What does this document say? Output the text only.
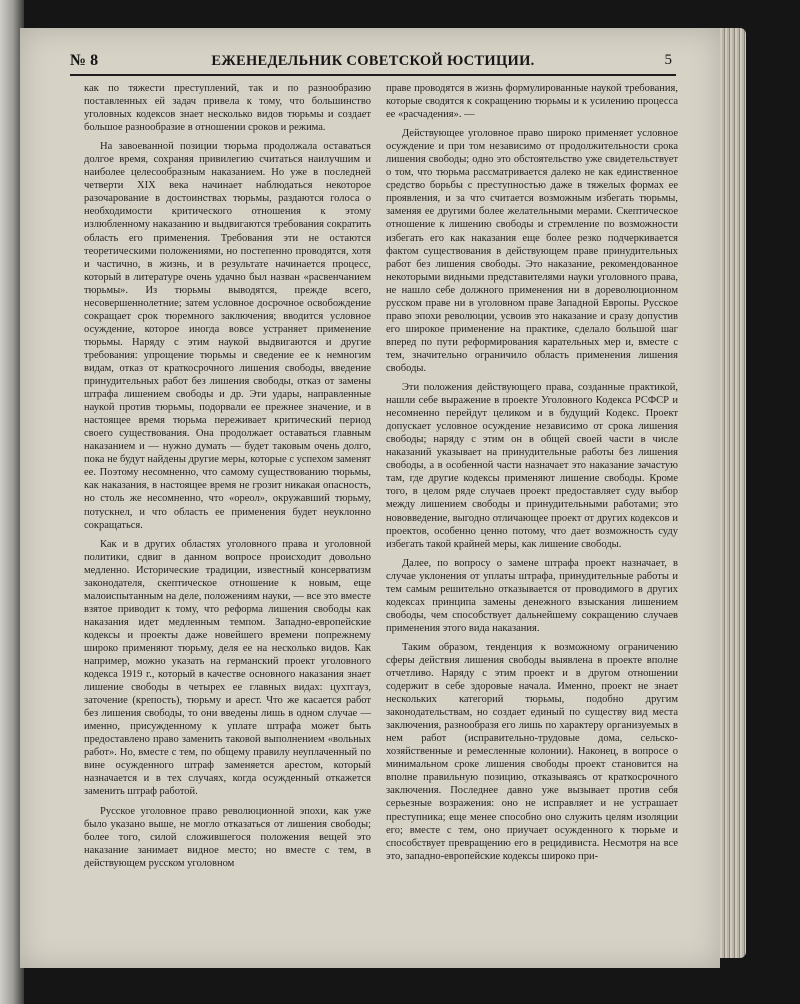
№ 8	ЕЖЕНЕДЕЛЬНИК СОВЕТСКОЙ ЮСТИЦИИ.	5

как по тяжести преступлений, так и по разнообразию поставленных ей задач привела к тому, что большинство уголовных кодексов знает несколько видов тюрьмы и создает большое разнообразие в отношении сроков и режима.

На завоеванной позиции тюрьма продолжала оставаться долгое время, сохраняя привилегию считаться наилучшим и наиболее целесообразным наказанием. Но уже в последней четверти XIX века начинает наблюдаться некоторое разочарование в достоинствах тюрьмы, раздаются голоса о необходимости критического отношения к этому излюбленному наказанию и выдвигаются требования сократить область его применения. Требования эти не остаются теоретическими положениями, но постепенно проводятся, хотя и частично, в жизнь, и в результате начинается процесс, который в литературе очень удачно был назван «расвенчанием тюрьмы». Из тюрьмы выводятся, прежде всего, несовершеннолетние; затем условное досрочное освобождение сокращает срок тюремного заключения; вводится условное осуждение, которое иногда вовсе устраняет применение тюрьмы. Наряду с этим наукой выдвигаются и другие требования: упрощение тюрьмы и сведение ее к немногим видам, отказ от краткосрочного лишения свободы, введение принудительных работ без лишения свободы, отказ от замены штрафа лишением свободы и др. Эти удары, направленные наукой против тюрьмы, подорвали ее прежнее значение, и в настоящее время тюрьма переживает критический период своего существования. Она продолжает оставаться главным наказанием и — нужно думать — будет таковым очень долго, пока не будут найдены другие меры, которые с успехом заменят ее. Поэтому несомненно, что самому существованию тюрьмы, как наказания, в настоящее время не грозит никакая опасность, но столь же несомненно, что «ореол», окружавший тюрьму, потускнел, и что область ее применения будет неуклонно сокращаться.

Как и в других областях уголовного права и уголовной политики, сдвиг в данном вопросе происходит довольно медленно. Исторические традиции, известный консерватизм законодателя, скептическое отношение к новым, еще малоиспытанным на деле, положениям науки, — все это вместе взятое приводит к тому, что реформа лишения свободы как наказания идет медленным темпом. Западно-европейские кодексы и проекты даже новейшего времени попрежнему широко применяют тюрьму, деля ее на несколько видов. Как например, можно указать на германский проект уголовного кодекса 1919 г., который в качестве основного наказания знает лишение свободы в четырех ее главных видах: цухтгауз, заточение (крепость), тюрьму и арест. Что же касается работ без лишения свободы, то они введены лишь в одном случае — именно, присужденному к уплате штрафа может быть предоставлено право заменить таковой выполнением «вольных работ». Но, вместе с тем, по общему правилу неуплаченный по вине осужденного штраф заменяется арестом, который назначается и в тех случаях, когда осужденный откажется заменить штраф работой.

Русское уголовное право революционной эпохи, как уже было указано выше, не могло отказаться от лишения свободы; более того, силой сложившегося положения вещей это наказание занимает видное место; но вместе с тем, в действующем русском уголовном

праве проводятся в жизнь формулированные наукой требования, которые сводятся к сокращению тюрьмы и к усилению процесса ее «расчадения». —

Действующее уголовное право широко применяет условное осуждение и при том независимо от продолжительности срока лишения свободы; одно это обстоятельство уже свидетельствует о том, что тюрьма рассматривается далеко не как единственное средство борьбы с преступностью даже в тяжелых формах ее проявления, и за что считается возможным избегать тюрьмы, заменяя ее другими более желательными мерами. Скептическое отношение к лишению свободы и стремление по возможности избегать его как наказания еще более резко подчеркивается фактом существования в действующем праве принудительных работ без лишения свободы. Это наказание, рекомендованное некоторыми видными представителями науки уголовного права, не нашло себе должного применения ни в дореволюционном русском праве ни в уголовном праве Западной Европы. Русское право эпохи революции, усвоив это наказание и сразу допустив его широкое применение на практике, сделало большой шаг вперед по пути реформирования карательных мер и, вместе с тем, значительно ограничило область применения лишения свободы.

Эти положения действующего права, созданные практикой, нашли себе выражение в проекте Уголовного Кодекса РСФСР и несомненно перейдут целиком и в будущий Кодекс. Проект допускает условное осуждение независимо от срока лишения свободы; наряду с этим он в общей своей части в числе наказаний указывает на принудительные работы без лишения свободы, а в особенной части назначает это наказание зачастую там, где другие кодексы применяют лишение свободы. Кроме того, в целом ряде случаев проект предоставляет суду выбор между лишением свободы и принудительными работами; это нововведение, выгодно отличающее проект от других кодексов и проектов, особенно ценно потому, что дает возможность суду избегать такой крайней меры, как лишение свободы.

Далее, по вопросу о замене штрафа проект назначает, в случае уклонения от уплаты штрафа, принудительные работы и тем самым решительно отказывается от проводимого в других кодексах принципа замены денежного взыскания лишением свободы, чем способствует дальнейшему сокращению случаев применения этого вида наказания.

Таким образом, тенденция к возможному ограничению сферы действия лишения свободы выявлена в проекте вполне отчетливо. Наряду с этим проект и в другом отношении содержит в себе здоровые начала. Именно, проект не знает нескольких категорий тюрьмы, подобно другим законодательствам, но создает единый по существу вид места заключения, разнообразя его лишь по характеру организуемых в нем работ (исправительно-трудовые дома, сельско-хозяйственные и ремесленные колонии). Наконец, в вопросе о минимальном сроке лишения свободы проект становится на вполне правильную позицию, отказываясь от краткосрочного заключения. Последнее давно уже вызывает против себя серьезные возражения: оно не исправляет и не устрашает преступника; еще менее способно оно служить целям изоляции его; вместе с тем, оно приучает осужденного к тюрьме и способствует превращению его в рецидивиста. Несмотря на все это, западно-европейские кодексы широко при-
